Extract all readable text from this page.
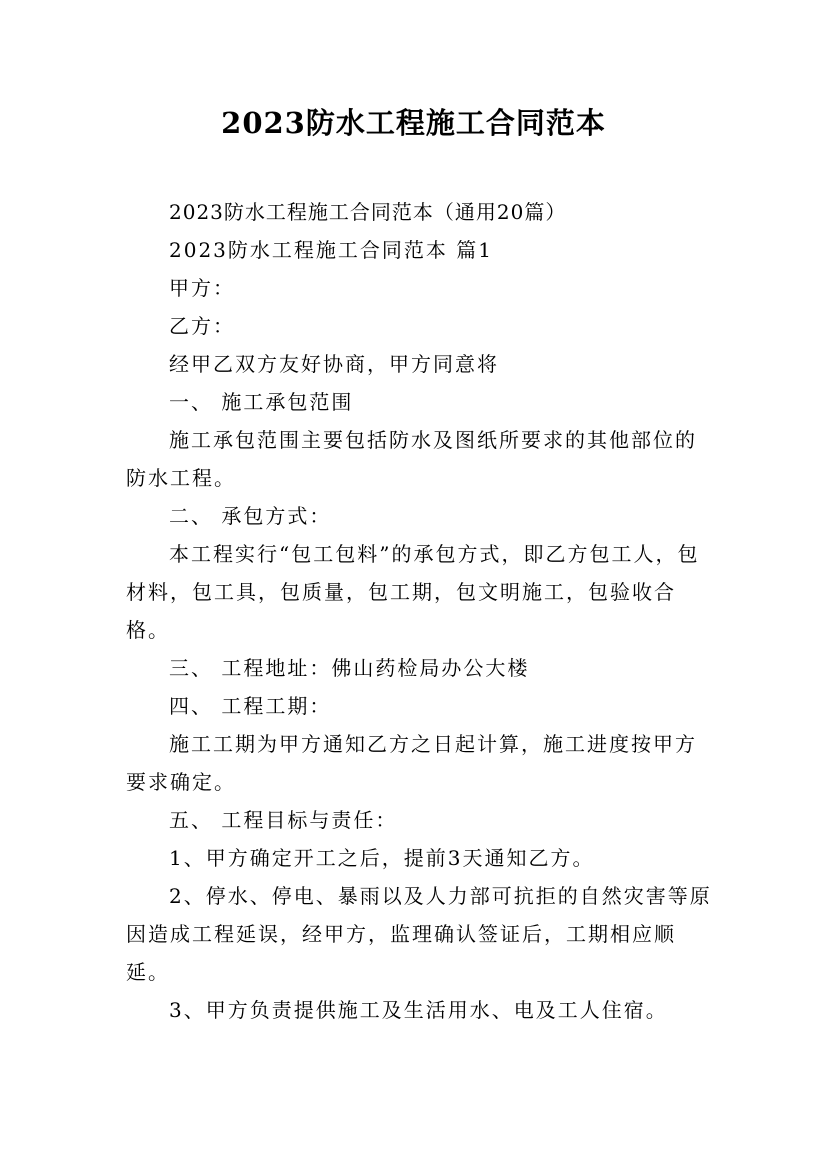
2023防水工程施工合同范本

2023防水工程施工合同范本（通用20篇）

2023防水工程施工合同范本 篇1

甲方：

乙方：

经甲乙双方友好协商，甲方同意将

一、 施工承包范围

施工承包范围主要包括防水及图纸所要求的其他部位的防水工程。

二、 承包方式：

本工程实行“包工包料”的承包方式，即乙方包工人，包材料，包工具，包质量，包工期，包文明施工，包验收合格。

三、 工程地址：佛山药检局办公大楼

四、 工程工期：

施工工期为甲方通知乙方之日起计算，施工进度按甲方要求确定。

五、 工程目标与责任：

1、甲方确定开工之后，提前3天通知乙方。

2、停水、停电、暴雨以及人力部可抗拒的自然灾害等原因造成工程延误，经甲方，监理确认签证后，工期相应顺延。

3、甲方负责提供施工及生活用水、电及工人住宿。
